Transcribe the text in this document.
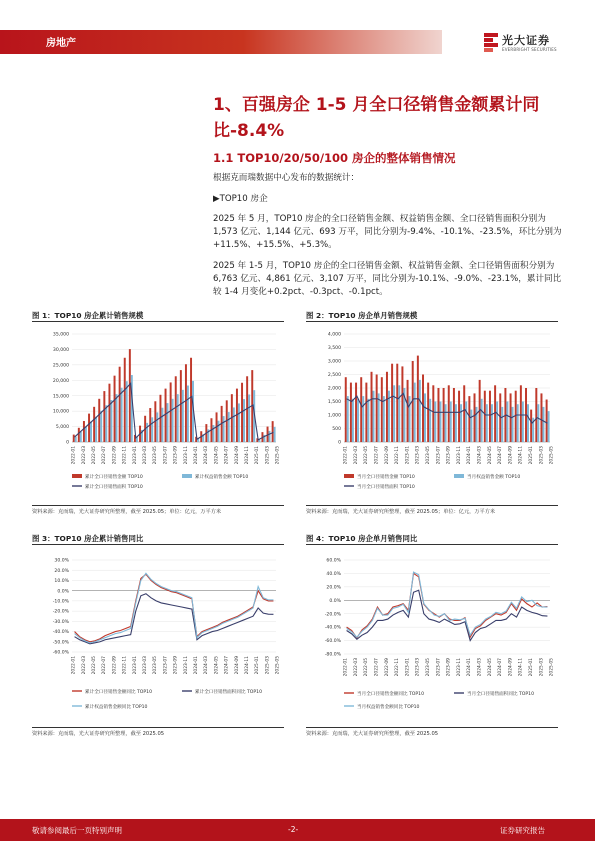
房地产	光大证券
EVERBRIGHT SECURITIES
1、百强房企 1-5 月全口径销售金额累计同比-8.4%
1.1 TOP10/20/50/100 房企的整体销售情况
根据克而瑞数据中心发布的数据统计：
▶TOP10 房企
2025 年 5 月，TOP10 房企的全口径销售金额、权益销售金额、全口径销售面积分别为 1,573 亿元、1,144 亿元、693 万平，同比分别为-9.4%、-10.1%、-23.5%，环比分别为+11.5%、+15.5%、+5.3%。
2025 年 1-5 月，TOP10 房企的全口径销售金额、权益销售金额、全口径销售面积分别为 6,763 亿元、4,861 亿元、3,107 万平，同比分别为-10.1%、-9.0%、-23.1%，累计同比较 1-4 月变化+0.2pct、-0.3pct、-0.1pct。
图 1：TOP10 房企累计销售规模	图 2：TOP10 房企单月销售规模
0
5,000
10,000
15,000
20,000
25,000
30,000
35,000
2022-01 2022-03 2022-05 2022-07 2022-09 2022-11 2023-01 2023-03 2023-05 2023-07 2023-09 2023-11 2024-01 2024-03 2024-05 2024-07 2024-09 2024-11 2025-01 2025-03 2025-05
累计全口径销售金额 TOP10	累计权益销售金额 TOP10
累计全口径销售面积 TOP10
0
500
1,000
1,500
2,000
2,500
3,000
3,500
4,000
2022-01 2022-03 2022-05 2022-07 2022-09 2022-11 2023-01 2023-03 2023-05 2023-07 2023-09 2023-11 2024-01 2024-03 2024-05 2024-07 2024-09 2024-11 2025-01 2025-03 2025-05
当月全口径销售金额 TOP10	当月权益销售金额 TOP10
当月全口径销售面积 TOP10
资料来源：克而瑞，光大证券研究所整理，截至 2025.05；单位：亿元，万平方米	资料来源：克而瑞，光大证券研究所整理，截至 2025.05；单位：亿元，万平方米
图 3：TOP10 房企累计销售同比	图 4：TOP10 房企单月销售同比
-60.0%
-50.0%
-40.0%
-30.0%
-20.0%
-10.0%
0.0%
10.0%
20.0%
30.0%
2022-01 2022-03 2022-05 2022-07 2022-09 2022-11 2023-01 2023-03 2023-05 2023-07 2023-09 2023-11 2024-01 2024-03 2024-05 2024-07 2024-09 2024-11 2025-01 2025-03 2025-05
累计全口径销售金额同比 TOP10	累计全口径销售面积同比 TOP10
累计权益销售金额同比 TOP10
-80.0%
-60.0%
-40.0%
-20.0%
0.0%
20.0%
40.0%
60.0%
2022-01 2022-03 2022-05 2022-07 2022-09 2022-11 2023-01 2023-03 2023-05 2023-07 2023-09 2023-11 2024-01 2024-03 2024-05 2024-07 2024-09 2024-11 2025-01 2025-03 2025-05
当月全口径销售金额同比 TOP10	当月全口径销售面积同比 TOP10
当月权益销售金额同比 TOP10
资料来源：克而瑞，光大证券研究所整理，截至 2025.05	资料来源：克而瑞，光大证券研究所整理，截至 2025.05
敬请参阅最后一页特别声明	-2-	证券研究报告
